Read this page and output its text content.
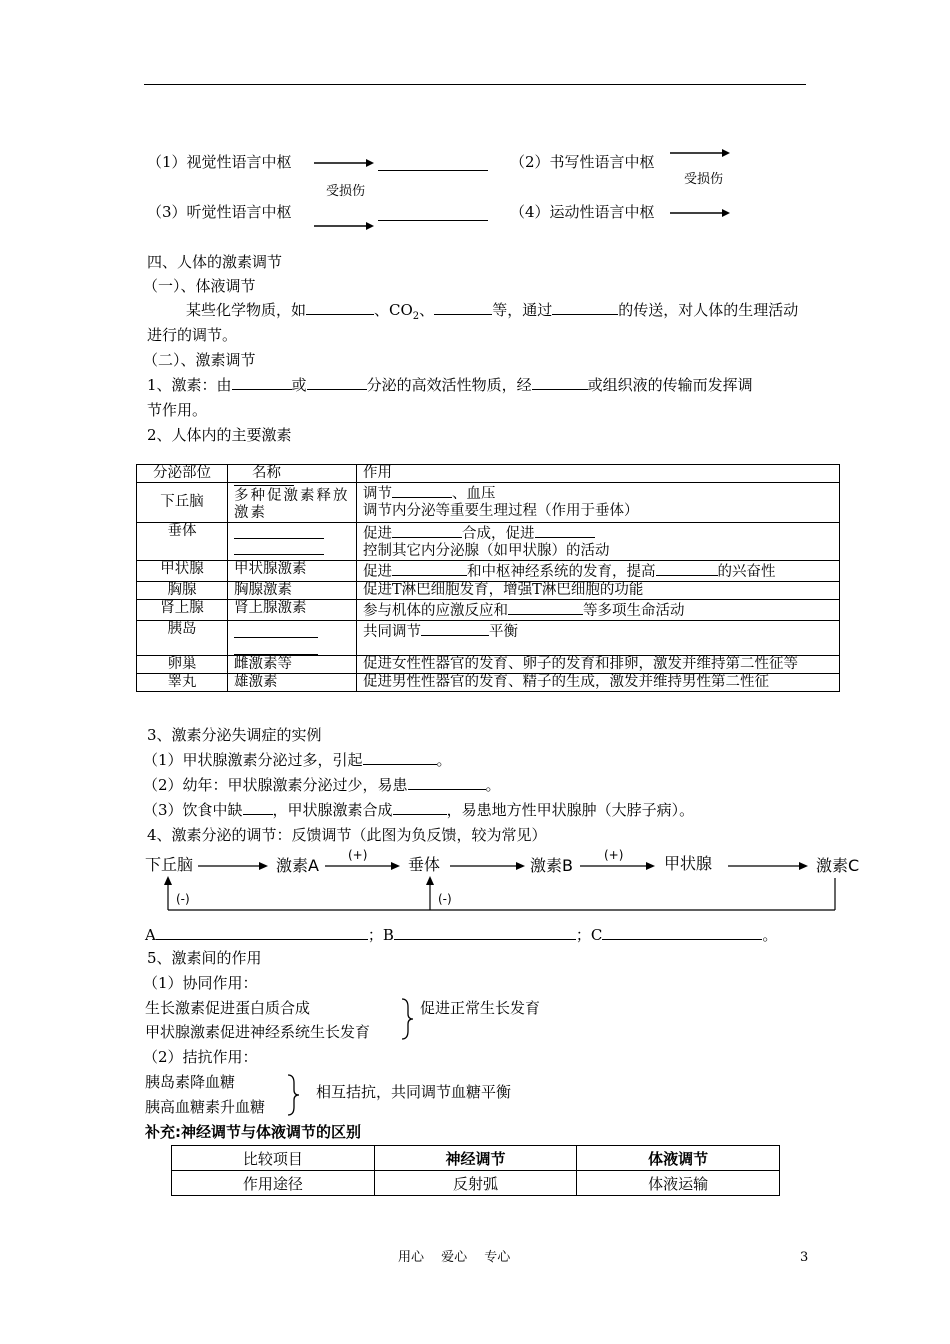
（1）视觉性语言中枢	（2）书写性语言中枢
受损伤
受损伤
（3）听觉性语言中枢	（4）运动性语言中枢
四、人体的激素调节
（一）、体液调节
某些化学物质，如	、$CO_2$、	等，通过	的传送，对人体的生理活动
进行的调节。
（二）、激素调节
1、激素：由	或	分泌的高效活性物质，经	或组织液的传输而发挥调
节作用。
2、人体内的主要激素
分泌部位	名称	作用
下丘脑	多种促激素释放激素	调节 、血压
调节内分泌等重要生理过程（作用于垂体）

垂体		促进 合成，促进
控制其它内分泌腺（如甲状腺）的活动

甲状腺	甲状腺激素	促进 和中枢神经系统的发育，提高 的兴奋性
胸腺	胸腺激素	促进T淋巴细胞发育，增强T淋巴细胞的功能
肾上腺	肾上腺激素	参与机体的应激反应和 等多项生命活动
胰岛		共同调节 平衡
卵巢	雌激素等	促进女性性器官的发育、卵子的发育和排卵，激发并维持第二性征等
睾丸	雄激素	促进男性性器官的发育、精子的生成，激发并维持男性第二性征
3、激素分泌失调症的实例
（1）甲状腺激素分泌过多，引起	。
（2）幼年：甲状腺激素分泌过少，易患	。
（3）饮食中缺 ，甲状腺激素合成	，易患地方性甲状腺肿（大脖子病）。
4、激素分泌的调节：反馈调节（此图为负反馈，较为常见）
下丘脑	激素A
(+)	垂体	激素B
(+)	甲状腺	激素C
(-)	(-)
A	；B	；C	。
5、激素间的作用
（1）协同作用：
生长激素促进蛋白质合成
甲状腺激素促进神经系统生长发育
促进正常生长发育
（2）拮抗作用：
胰岛素降血糖
胰高血糖素升血糖
相互拮抗，共同调节血糖平衡
补充:神经调节与体液调节的区别
比较项目	神经调节	体液调节
作用途径	反射弧	体液运输
用心　 爱心　 专心	3
